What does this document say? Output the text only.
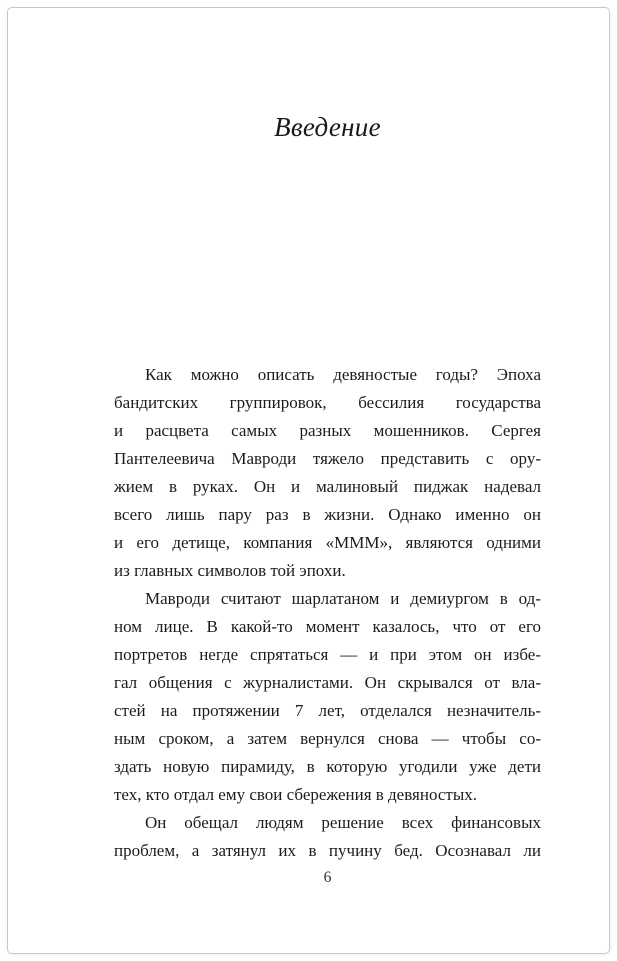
Введение
Как можно описать девяностые годы? Эпоха
бандитских группировок, бессилия государства
и расцвета самых разных мошенников. Сергея
Пантелеевича Мавроди тяжело представить с ору-
жием в руках. Он и малиновый пиджак надевал
всего лишь пару раз в жизни. Однако именно он
и его детище, компания «МММ», являются одними
из главных символов той эпохи.
Мавроди считают шарлатаном и демиургом в од-
ном лице. В какой-то момент казалось, что от его
портретов негде спрятаться — и при этом он избе-
гал общения с журналистами. Он скрывался от вла-
стей на протяжении 7 лет, отделался незначитель-
ным сроком, а затем вернулся снова — чтобы со-
здать новую пирамиду, в которую угодили уже дети
тех, кто отдал ему свои сбережения в девяностых.
Он обещал людям решение всех финансовых
проблем, а затянул их в пучину бед. Осознавал ли
6
